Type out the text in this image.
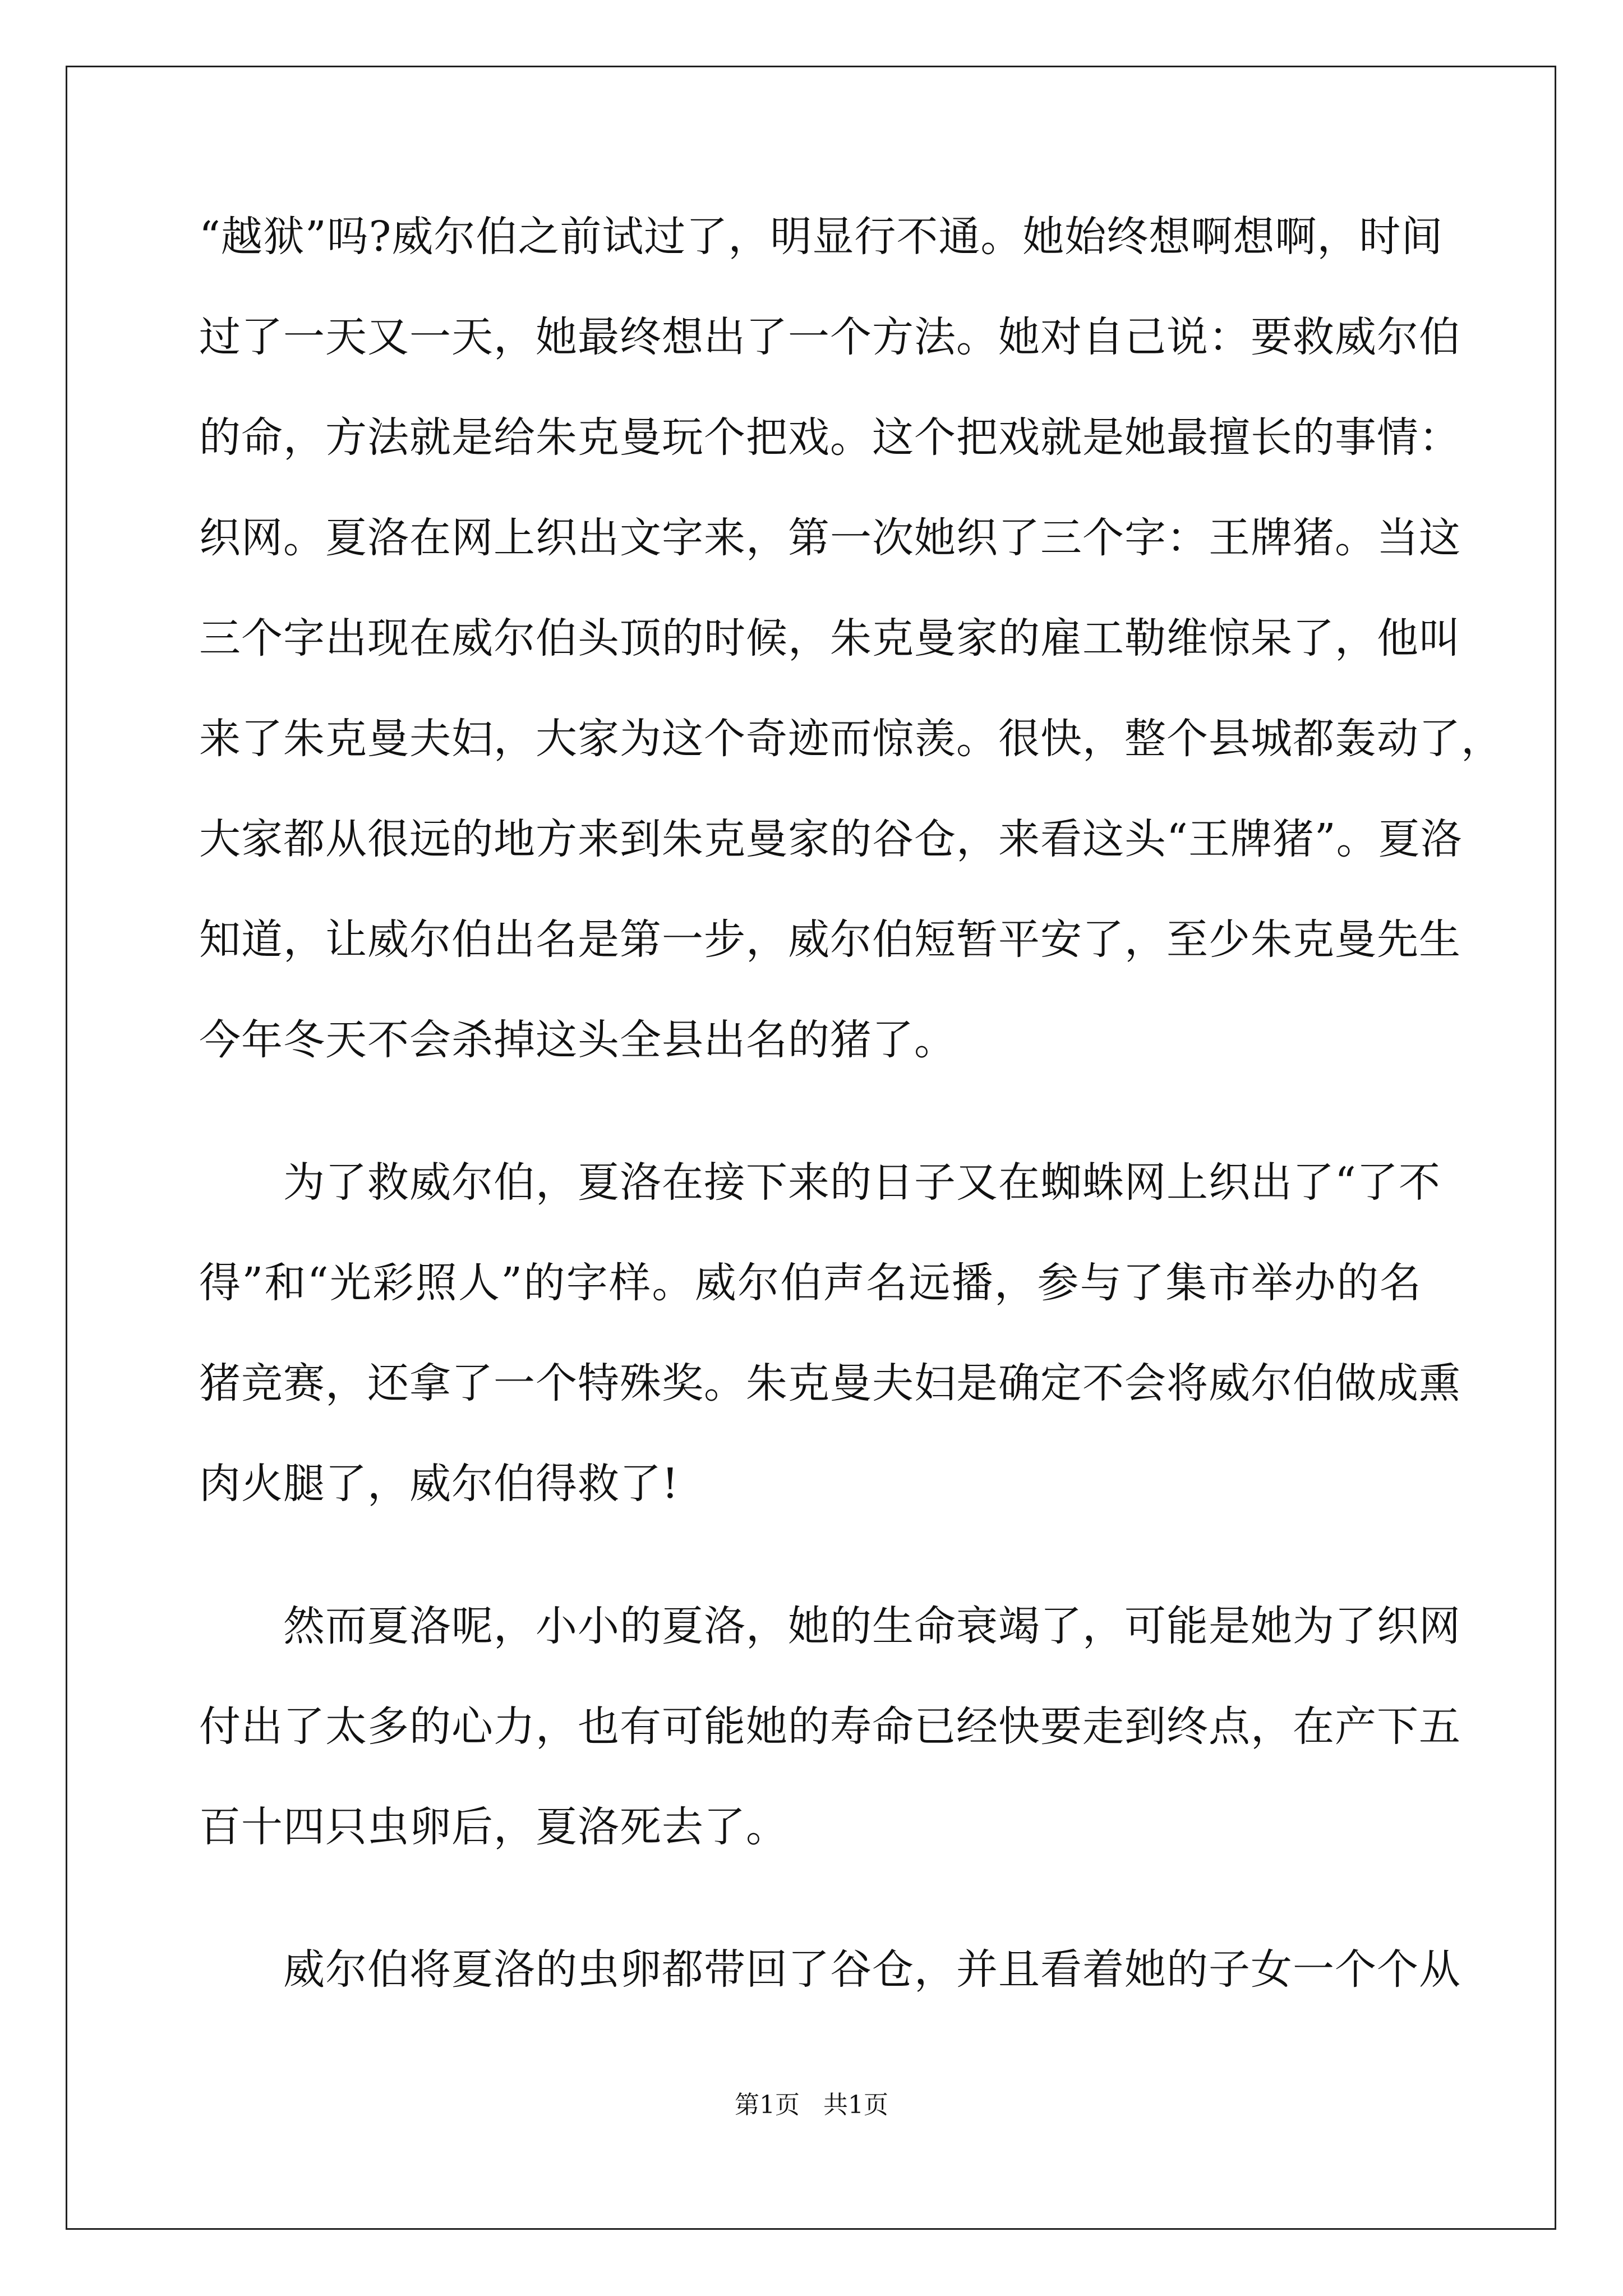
“越狱”吗?威尔伯之前试过了，明显行不通。她始终想啊想啊，时间
过了一天又一天，她最终想出了一个方法。她对自己说：要救威尔伯
的命，方法就是给朱克曼玩个把戏。这个把戏就是她最擅长的事情：
织网。夏洛在网上织出文字来，第一次她织了三个字：王牌猪。当这
三个字出现在威尔伯头顶的时候，朱克曼家的雇工勒维惊呆了，他叫
来了朱克曼夫妇，大家为这个奇迹而惊羡。很快，整个县城都轰动了，
大家都从很远的地方来到朱克曼家的谷仓，来看这头“王牌猪”。夏洛
知道，让威尔伯出名是第一步，威尔伯短暂平安了，至少朱克曼先生
今年冬天不会杀掉这头全县出名的猪了。
为了救威尔伯，夏洛在接下来的日子又在蜘蛛网上织出了“了不
得”和“光彩照人”的字样。威尔伯声名远播，参与了集市举办的名
猪竞赛，还拿了一个特殊奖。朱克曼夫妇是确定不会将威尔伯做成熏
肉火腿了，威尔伯得救了!
然而夏洛呢，小小的夏洛，她的生命衰竭了，可能是她为了织网
付出了太多的心力，也有可能她的寿命已经快要走到终点，在产下五
百十四只虫卵后，夏洛死去了。
威尔伯将夏洛的虫卵都带回了谷仓，并且看着她的子女一个个从
第1页   共1页
